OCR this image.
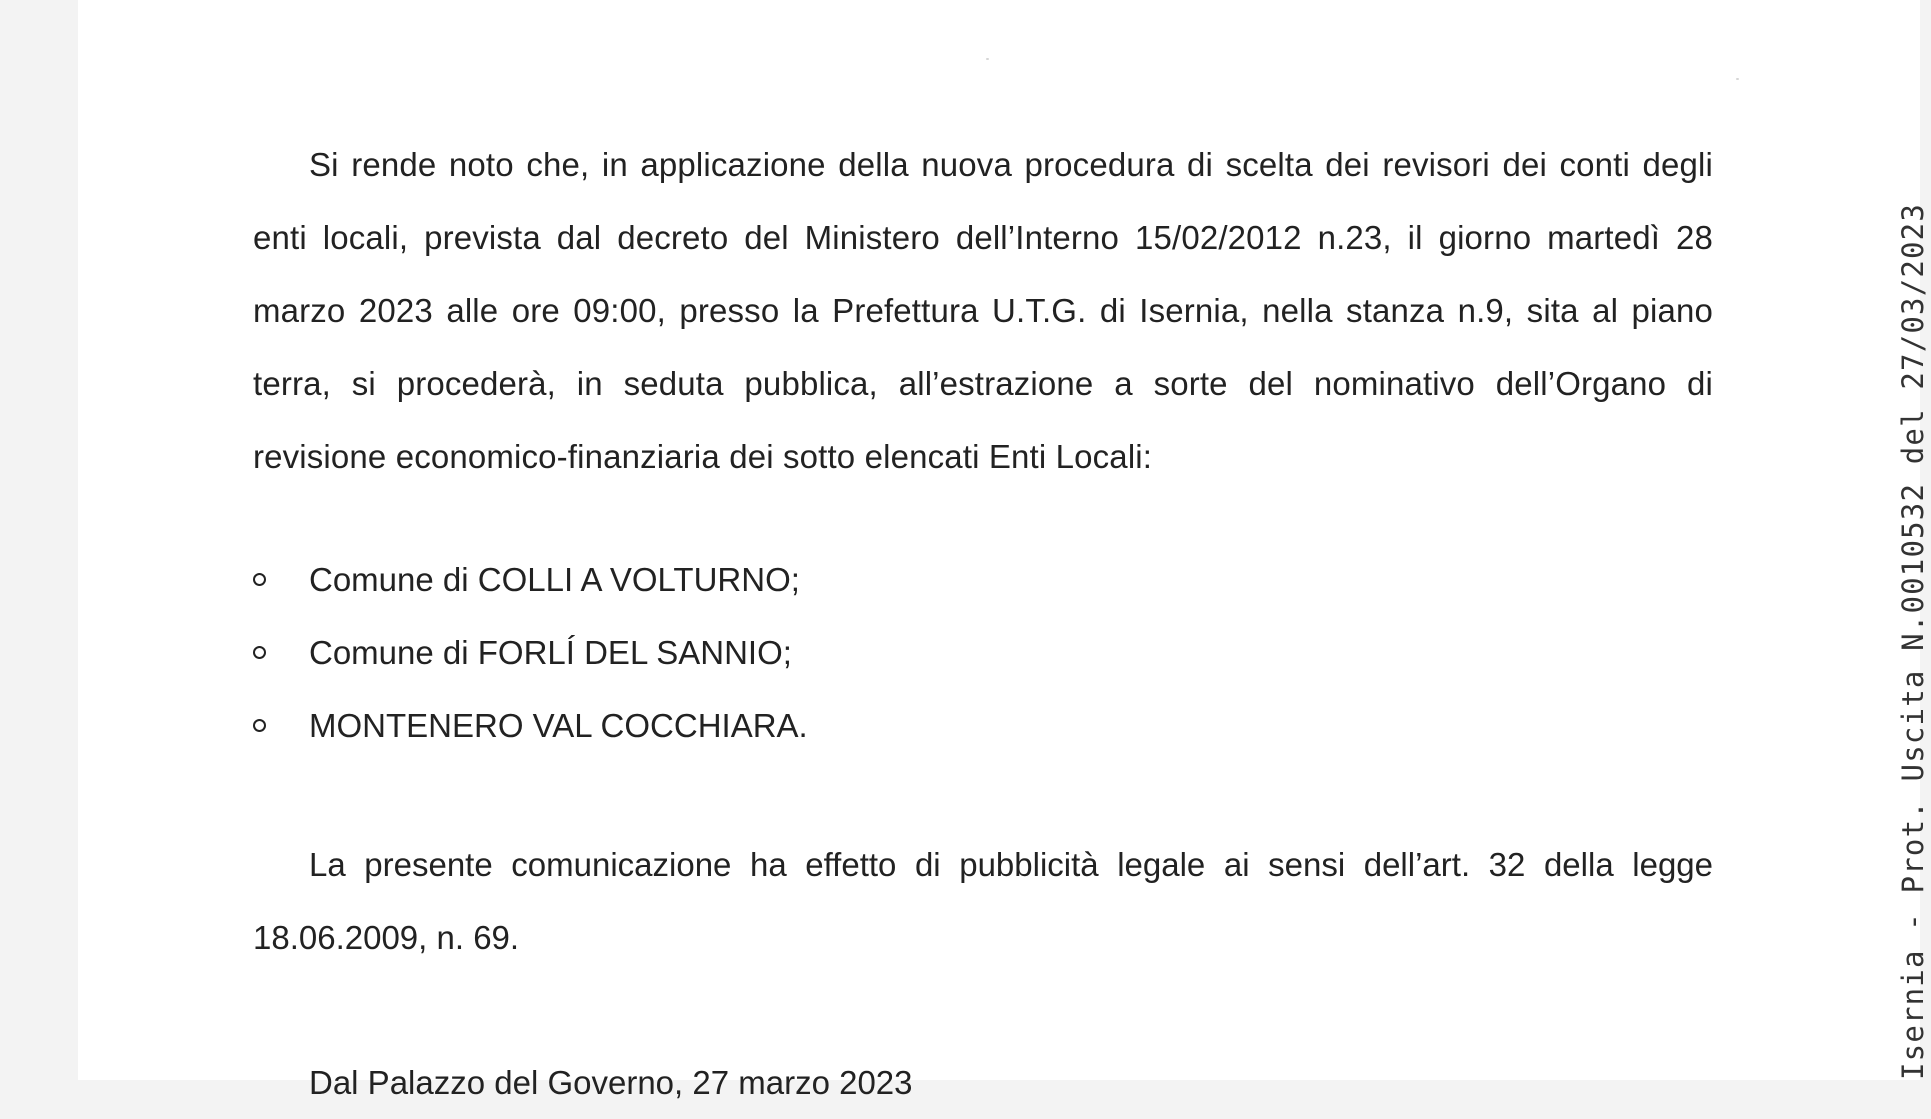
Si rende noto che, in applicazione della nuova procedura di scelta dei revisori dei conti degli enti locali, prevista dal decreto del Ministero dell’Interno 15/02/2012 n.23, il giorno martedì 28 marzo 2023 alle ore 09:00, presso la Prefettura U.T.G. di Isernia, nella stanza n.9, sita al piano terra, si procederà, in seduta pubblica, all’estrazione a sorte del nominativo dell’Organo di revisione economico-finanziaria dei sotto elencati Enti Locali:

Comune di COLLI A VOLTURNO;
Comune di FORLÍ DEL SANNIO;
MONTENERO VAL COCCHIARA.

La presente comunicazione ha effetto di pubblicità legale ai sensi dell’art. 32 della legge 18.06.2009, n. 69.

Dal Palazzo del Governo, 27 marzo 2023

Isernia - Prot. Uscita N.0010532 del 27/03/2023
